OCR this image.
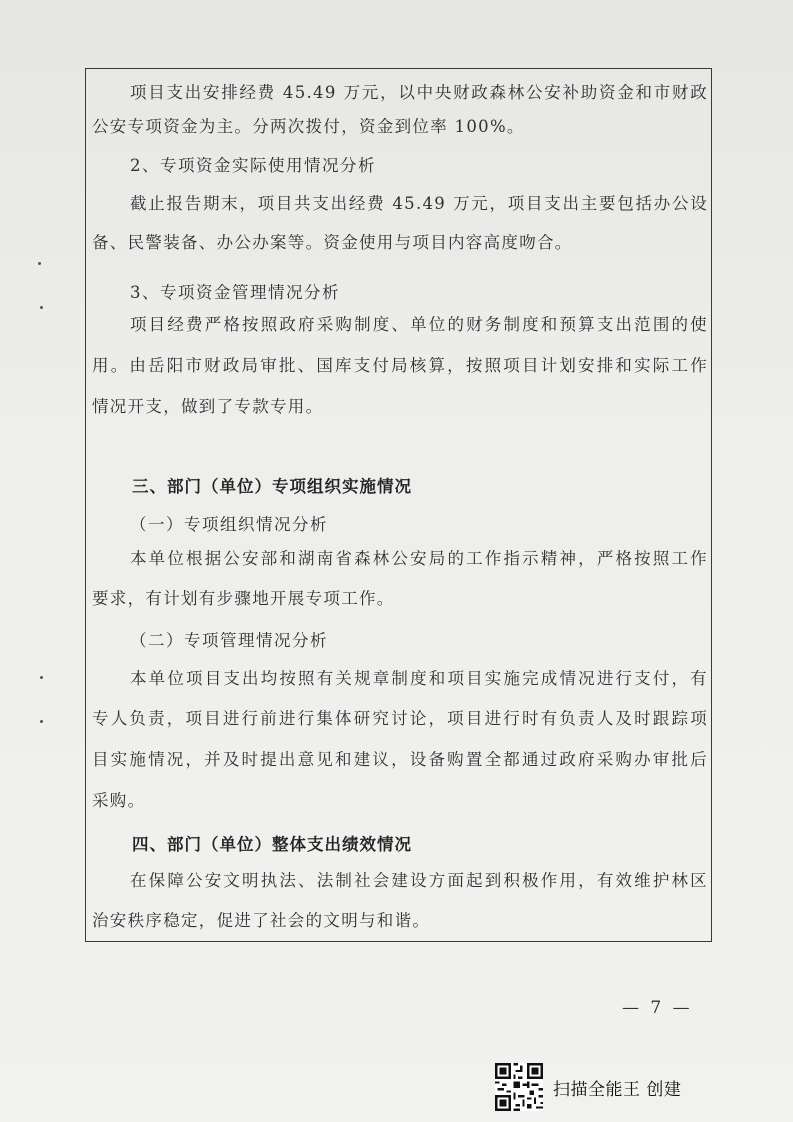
项目支出安排经费 45.49 万元，以中央财政森林公安补助资金和市财政
公安专项资金为主。分两次拨付，资金到位率 100%。
2、专项资金实际使用情况分析
截止报告期末，项目共支出经费 45.49 万元，项目支出主要包括办公设
备、民警装备、办公办案等。资金使用与项目内容高度吻合。
3、专项资金管理情况分析
项目经费严格按照政府采购制度、单位的财务制度和预算支出范围的使
用。由岳阳市财政局审批、国库支付局核算，按照项目计划安排和实际工作
情况开支，做到了专款专用。
三、部门（单位）专项组织实施情况
（一）专项组织情况分析
本单位根据公安部和湖南省森林公安局的工作指示精神，严格按照工作
要求，有计划有步骤地开展专项工作。
（二）专项管理情况分析
本单位项目支出均按照有关规章制度和项目实施完成情况进行支付，有
专人负责，项目进行前进行集体研究讨论，项目进行时有负责人及时跟踪项
目实施情况，并及时提出意见和建议，设备购置全都通过政府采购办审批后
采购。
四、部门（单位）整体支出绩效情况
在保障公安文明执法、法制社会建设方面起到积极作用，有效维护林区
治安秩序稳定，促进了社会的文明与和谐。
— 7 —
扫描全能王 创建
